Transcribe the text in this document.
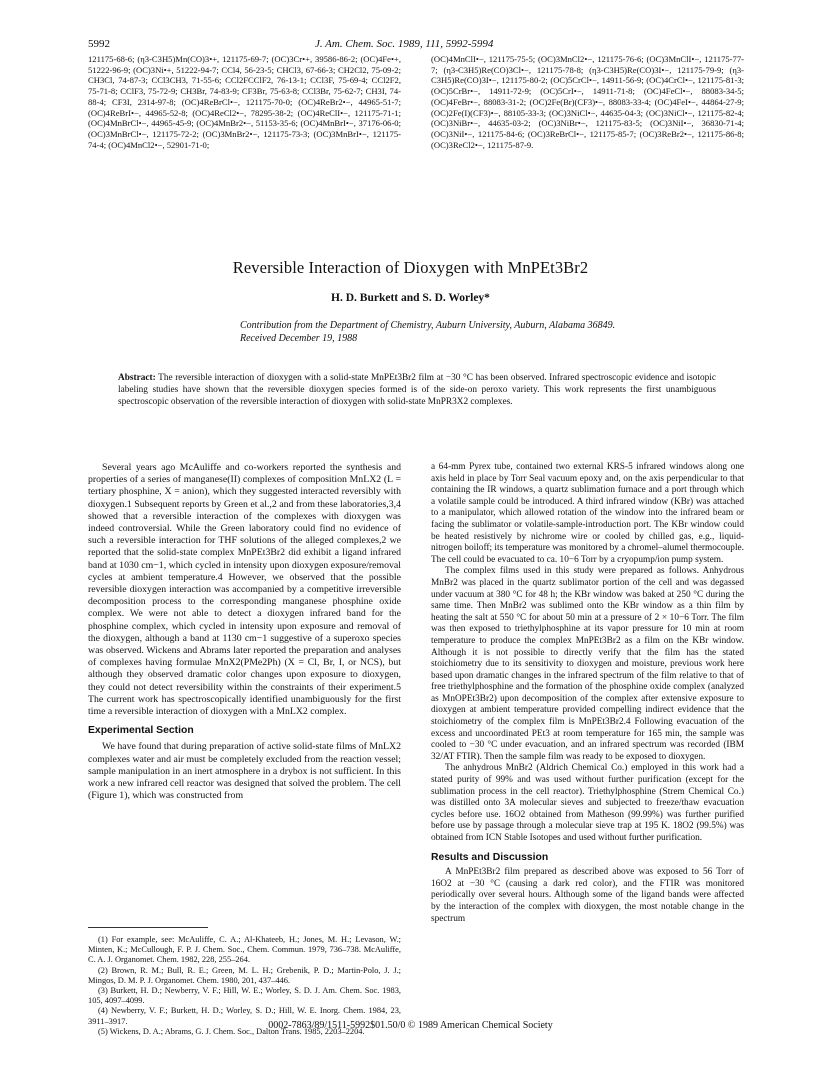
5992	J. Am. Chem. Soc. 1989, 111, 5992-5994
121175-68-6; (η3-C3H5)Mn(CO)3•+, 121175-69-7; (OC)3Cr•+, 39586-86-2; (OC)4Fe•+, 51222-96-9; (OC)3Ni•+, 51222-94-7; CCl4, 56-23-5; CHCl3, 67-66-3; CH2Cl2, 75-09-2; CH3Cl, 74-87-3; CCl3CH3, 71-55-6; CCl2FCClF2, 76-13-1; CCl3F, 75-69-4; CCl2F2, 75-71-8; CClF3, 75-72-9; CH3Br, 74-83-9; CF3Br, 75-63-8; CCl3Br, 75-62-7; CH3I, 74-88-4; CF3I, 2314-97-8; (OC)4ReBrCl•−, 121175-70-0; (OC)4ReBr2•−, 44965-51-7; (OC)4ReBrI•−, 44965-52-8; (OC)4ReCl2•−, 78295-38-2; (OC)4ReClI•−, 121175-71-1; (OC)4MnBrCl•−, 44965-45-9; (OC)4MnBr2•−, 51153-35-6; (OC)4MnBrI•−, 37176-06-0; (OC)3MnBrCl•−, 121175-72-2; (OC)3MnBr2•−, 121175-73-3; (OC)3MnBrI•−, 121175-74-4; (OC)4MnCl2•−, 52901-71-0;
(OC)4MnClI•−, 121175-75-5; (OC)3MnCl2•−, 121175-76-6; (OC)3MnClI•−, 121175-77-7; (η3-C3H5)Re(CO)3Cl•−, 121175-78-8; (η3-C3H5)Re(CO)3I•−, 121175-79-9; (η3-C3H5)Re(CO)3I•−, 121175-80-2; (OC)5CrCl•−, 14911-56-9; (OC)4CrCl•−, 121175-81-3; (OC)5CrBr•−, 14911-72-9; (OC)5CrI•−, 14911-71-8; (OC)4FeCl•−, 88083-34-5; (OC)4FeBr•−, 88083-31-2; (OC)2Fe(Br)(CF3)•−, 88083-33-4; (OC)4FeI•−, 44864-27-9; (OC)2Fe(I)(CF3)•−, 88105-33-3; (OC)3NiCl•−, 44635-04-3; (OC)3NiCl•−, 121175-82-4; (OC)3NiBr•−, 44635-03-2; (OC)3NiBr•−, 121175-83-5; (OC)3NiI•−, 36830-71-4; (OC)3NiI•−, 121175-84-6; (OC)3ReBrCl•−, 121175-85-7; (OC)3ReBr2•−, 121175-86-8; (OC)3ReCl2•−, 121175-87-9.
Reversible Interaction of Dioxygen with MnPEt3Br2
H. D. Burkett and S. D. Worley*
Contribution from the Department of Chemistry, Auburn University, Auburn, Alabama 36849.
Received December 19, 1988
Abstract: The reversible interaction of dioxygen with a solid-state MnPEt3Br2 film at −30 °C has been observed. Infrared spectroscopic evidence and isotopic labeling studies have shown that the reversible dioxygen species formed is of the side-on peroxo variety. This work represents the first unambiguous spectroscopic observation of the reversible interaction of dioxygen with solid-state MnPR3X2 complexes.

Several years ago McAuliffe and co-workers reported the synthesis and properties of a series of manganese(II) complexes of composition MnLX2 (L = tertiary phosphine, X = anion), which they suggested interacted reversibly with dioxygen.1 Subsequent reports by Green et al.,2 and from these laboratories,3,4 showed that a reversible interaction of the complexes with dioxygen was indeed controversial. While the Green laboratory could find no evidence of such a reversible interaction for THF solutions of the alleged complexes,2 we reported that the solid-state complex MnPEt3Br2 did exhibit a ligand infrared band at 1030 cm−1, which cycled in intensity upon dioxygen exposure/removal cycles at ambient temperature.4 However, we observed that the possible reversible dioxygen interaction was accompanied by a competitive irreversible decomposition process to the corresponding manganese phosphine oxide complex. We were not able to detect a dioxygen infrared band for the phosphine complex, which cycled in intensity upon exposure and removal of the dioxygen, although a band at 1130 cm−1 suggestive of a superoxo species was observed. Wickens and Abrams later reported the preparation and analyses of complexes having formulae MnX2(PMe2Ph) (X = Cl, Br, I, or NCS), but although they observed dramatic color changes upon exposure to dioxygen, they could not detect reversibility within the constraints of their experiment.5 The current work has spectroscopically identified unambiguously for the first time a reversible interaction of dioxygen with a MnLX2 complex.

Experimental Section

We have found that during preparation of active solid-state films of MnLX2 complexes water and air must be completely excluded from the reaction vessel; sample manipulation in an inert atmosphere in a drybox is not sufficient. In this work a new infrared cell reactor was designed that solved the problem. The cell (Figure 1), which was constructed from

(1) For example, see: McAuliffe, C. A.; Al-Khateeb, H.; Jones, M. H.; Levason, W.; Minten, K.; McCullough, F. P. J. Chem. Soc., Chem. Commun. 1979, 736–738. McAuliffe, C. A. J. Organomet. Chem. 1982, 228, 255–264.

(2) Brown, R. M.; Bull, R. E.; Green, M. L. H.; Grebenik, P. D.; Martin-Polo, J. J.; Mingos, D. M. P. J. Organomet. Chem. 1980, 201, 437–446.

(3) Burkett, H. D.; Newberry, V. F.; Hill, W. E.; Worley, S. D. J. Am. Chem. Soc. 1983, 105, 4097–4099.

(4) Newberry, V. F.; Burkett, H. D.; Worley, S. D.; Hill, W. E. Inorg. Chem. 1984, 23, 3911–3917.

(5) Wickens, D. A.; Abrams, G. J. Chem. Soc., Dalton Trans. 1985, 2203–2204.

a 64-mm Pyrex tube, contained two external KRS-5 infrared windows along one axis held in place by Torr Seal vacuum epoxy and, on the axis perpendicular to that containing the IR windows, a quartz sublimation furnace and a port through which a volatile sample could be introduced. A third infrared window (KBr) was attached to a manipulator, which allowed rotation of the window into the infrared beam or facing the sublimator or volatile-sample-introduction port. The KBr window could be heated resistively by nichrome wire or cooled by chilled gas, e.g., liquid-nitrogen boiloff; its temperature was monitored by a chromel–alumel thermocouple. The cell could be evacuated to ca. 10−6 Torr by a cryopump/ion pump system.

The complex films used in this study were prepared as follows. Anhydrous MnBr2 was placed in the quartz sublimator portion of the cell and was degassed under vacuum at 380 °C for 48 h; the KBr window was baked at 250 °C during the same time. Then MnBr2 was sublimed onto the KBr window as a thin film by heating the salt at 550 °C for about 50 min at a pressure of 2 × 10−6 Torr. The film was then exposed to triethylphosphine at its vapor pressure for 10 min at room temperature to produce the complex MnPEt3Br2 as a film on the KBr window. Although it is not possible to directly verify that the film has the stated stoichiometry due to its sensitivity to dioxygen and moisture, previous work here based upon dramatic changes in the infrared spectrum of the film relative to that of free triethylphosphine and the formation of the phosphine oxide complex (analyzed as MnOPEt3Br2) upon decomposition of the complex after extensive exposure to dioxygen at ambient temperature provided compelling indirect evidence that the stoichiometry of the complex film is MnPEt3Br2.4 Following evacuation of the excess and uncoordinated PEt3 at room temperature for 165 min, the sample was cooled to −30 °C under evacuation, and an infrared spectrum was recorded (IBM 32/AT FTIR). Then the sample film was ready to be exposed to dioxygen.

The anhydrous MnBr2 (Aldrich Chemical Co.) employed in this work had a stated purity of 99% and was used without further purification (except for the sublimation process in the cell reactor). Triethylphosphine (Strem Chemical Co.) was distilled onto 3A molecular sieves and subjected to freeze/thaw evacuation cycles before use. 16O2 obtained from Matheson (99.99%) was further purified before use by passage through a molecular sieve trap at 195 K. 18O2 (99.5%) was obtained from ICN Stable Isotopes and used without further purification.

Results and Discussion

A MnPEt3Br2 film prepared as described above was exposed to 56 Torr of 16O2 at −30 °C (causing a dark red color), and the FTIR was monitored periodically over several hours. Although some of the ligand bands were affected by the interaction of the complex with dioxygen, the most notable change in the spectrum

0002-7863/89/1511-5992$01.50/0 © 1989 American Chemical Society
